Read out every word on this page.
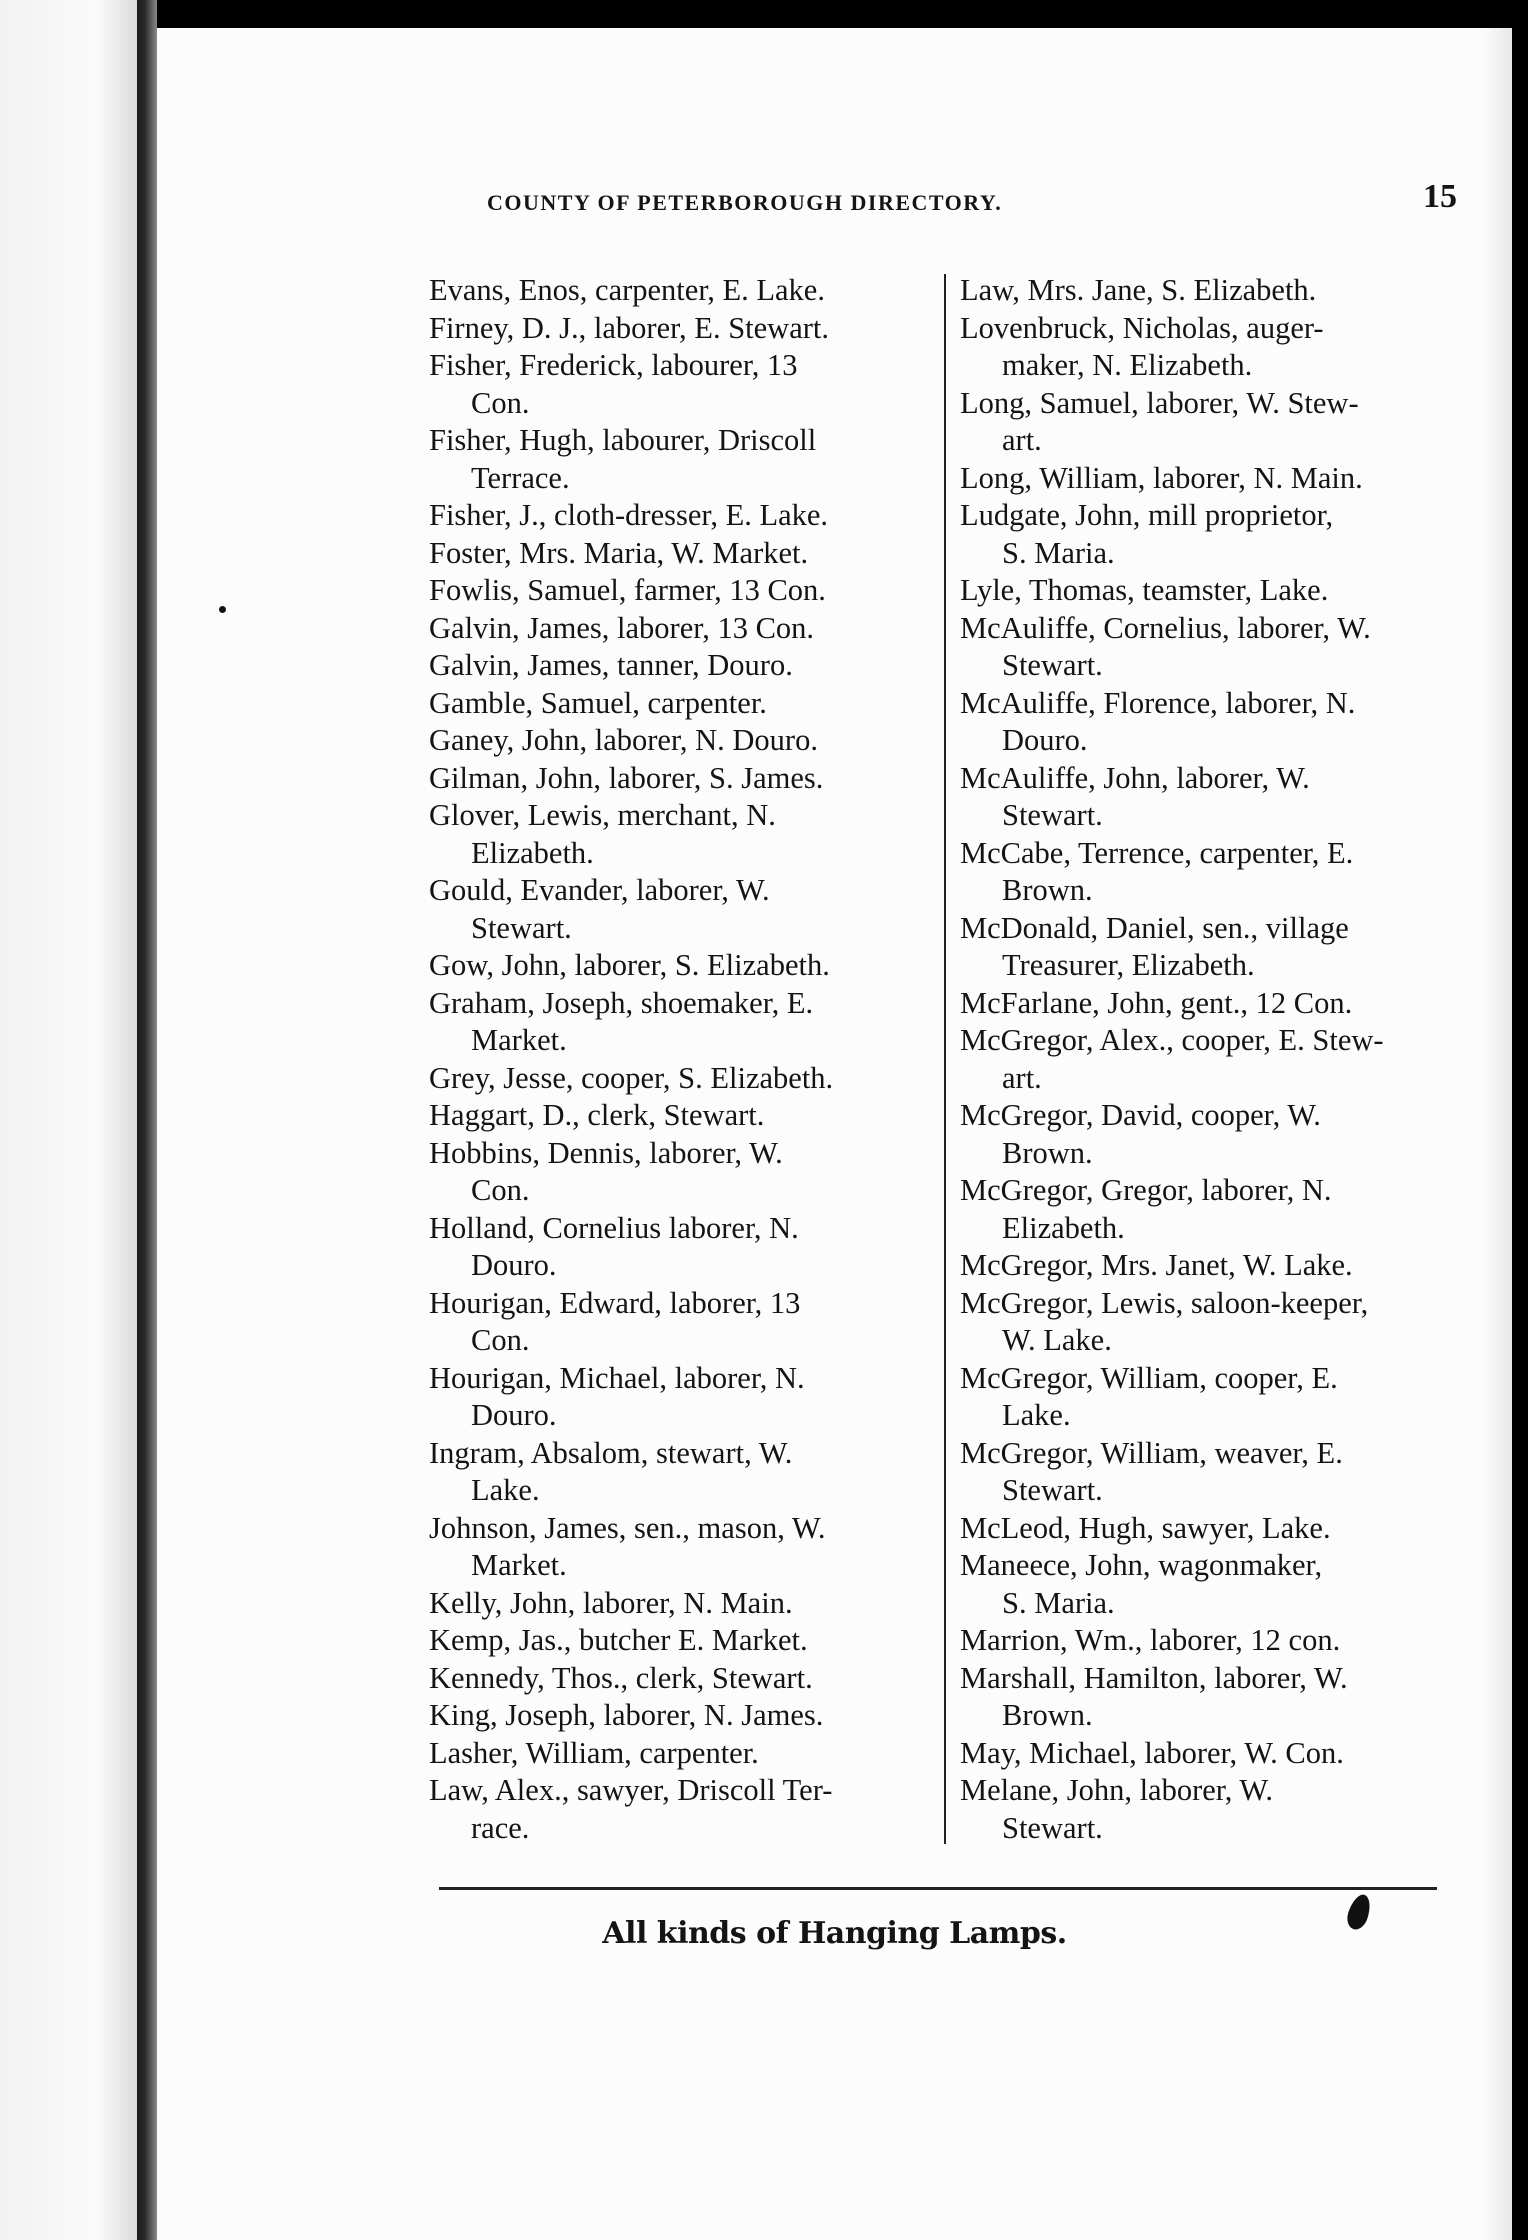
COUNTY OF PETERBOROUGH DIRECTORY.	15
Evans, Enos, carpenter, E. Lake.
Firney, D. J., laborer, E. Stewart.
Fisher, Frederick, labourer, 13
Con.
Fisher, Hugh, labourer, Driscoll
Terrace.
Fisher, J., cloth-dresser, E. Lake.
Foster, Mrs. Maria, W. Market.
Fowlis, Samuel, farmer, 13 Con.
Galvin, James, laborer, 13 Con.
Galvin, James, tanner, Douro.
Gamble, Samuel, carpenter.
Ganey, John, laborer, N. Douro.
Gilman, John, laborer, S. James.
Glover, Lewis, merchant, N.
Elizabeth.
Gould, Evander, laborer, W.
Stewart.
Gow, John, laborer, S. Elizabeth.
Graham, Joseph, shoemaker, E.
Market.
Grey, Jesse, cooper, S. Elizabeth.
Haggart, D., clerk, Stewart.
Hobbins, Dennis, laborer, W.
Con.
Holland, Cornelius laborer, N.
Douro.
Hourigan, Edward, laborer, 13
Con.
Hourigan, Michael, laborer, N.
Douro.
Ingram, Absalom, stewart, W.
Lake.
Johnson, James, sen., mason, W.
Market.
Kelly, John, laborer, N. Main.
Kemp, Jas., butcher E. Market.
Kennedy, Thos., clerk, Stewart.
King, Joseph, laborer, N. James.
Lasher, William, carpenter.
Law, Alex., sawyer, Driscoll Ter-
race.
Law, Mrs. Jane, S. Elizabeth.
Lovenbruck, Nicholas, auger-
maker, N. Elizabeth.
Long, Samuel, laborer, W. Stew-
art.
Long, William, laborer, N. Main.
Ludgate, John, mill proprietor,
S. Maria.
Lyle, Thomas, teamster, Lake.
McAuliffe, Cornelius, laborer, W.
Stewart.
McAuliffe, Florence, laborer, N.
Douro.
McAuliffe, John, laborer, W.
Stewart.
McCabe, Terrence, carpenter, E.
Brown.
McDonald, Daniel, sen., village
Treasurer, Elizabeth.
McFarlane, John, gent., 12 Con.
McGregor, Alex., cooper, E. Stew-
art.
McGregor, David, cooper, W.
Brown.
McGregor, Gregor, laborer, N.
Elizabeth.
McGregor, Mrs. Janet, W. Lake.
McGregor, Lewis, saloon-keeper,
W. Lake.
McGregor, William, cooper, E.
Lake.
McGregor, William, weaver, E.
Stewart.
McLeod, Hugh, sawyer, Lake.
Maneece, John, wagonmaker,
S. Maria.
Marrion, Wm., laborer, 12 con.
Marshall, Hamilton, laborer, W.
Brown.
May, Michael, laborer, W. Con.
Melane, John, laborer, W.
Stewart.
All kinds of Hanging Lamps.
